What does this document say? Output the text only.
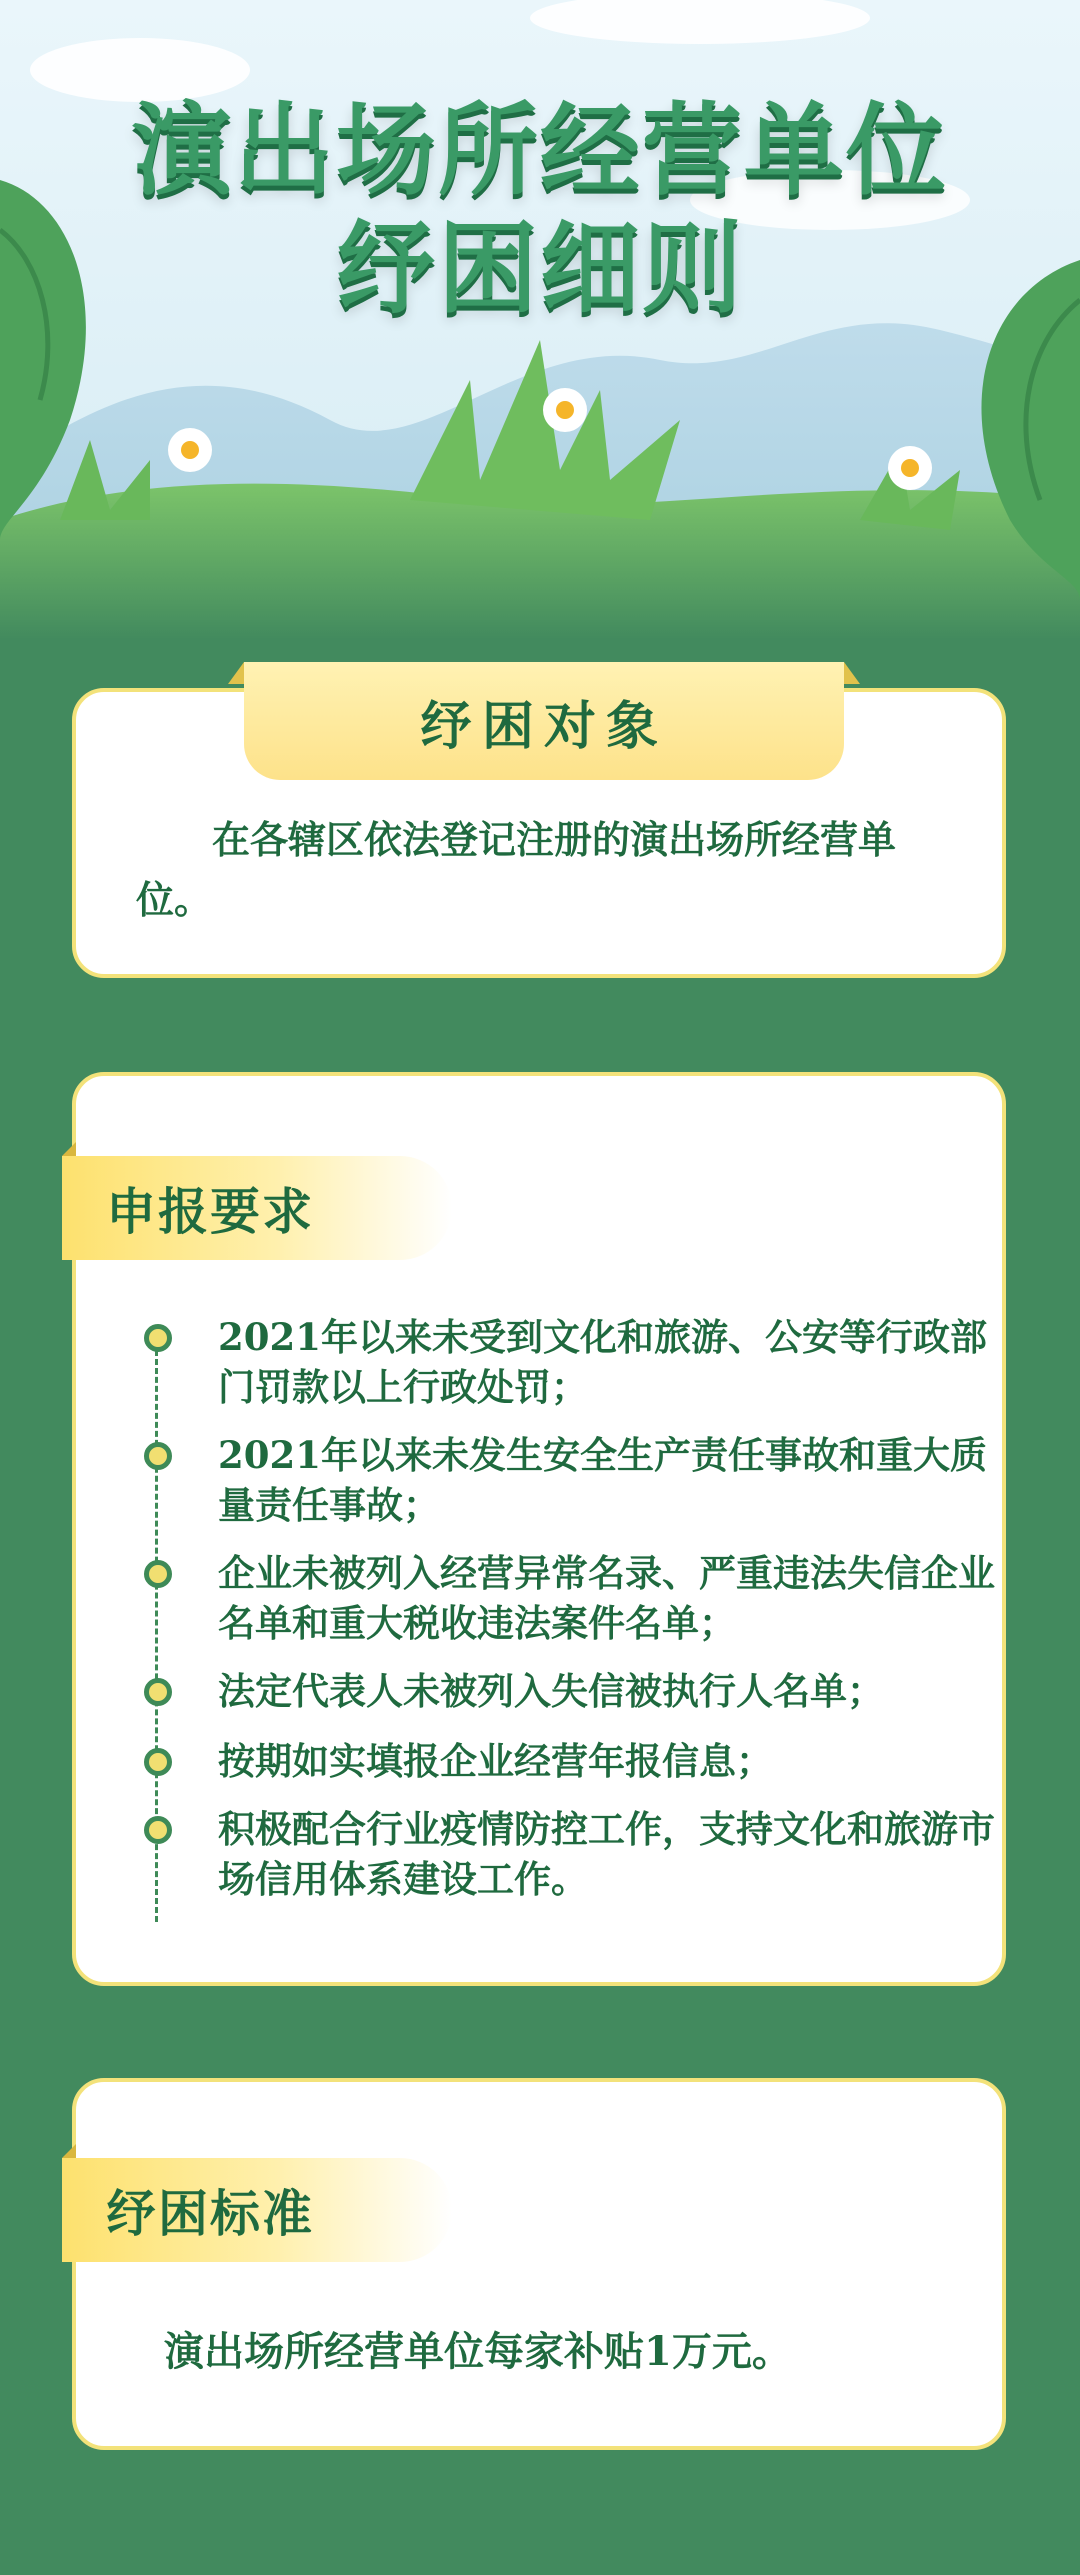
演出场所经营单位
纾困细则
纾困对象
在各辖区依法登记注册的演出场所经营单位。
申报要求
2021年以来未受到文化和旅游、公安等行政部门罚款以上行政处罚；
2021年以来未发生安全生产责任事故和重大质量责任事故；
企业未被列入经营异常名录、严重违法失信企业名单和重大税收违法案件名单；
法定代表人未被列入失信被执行人名单；
按期如实填报企业经营年报信息；
积极配合行业疫情防控工作，支持文化和旅游市场信用体系建设工作。
纾困标准
演出场所经营单位每家补贴1万元。
